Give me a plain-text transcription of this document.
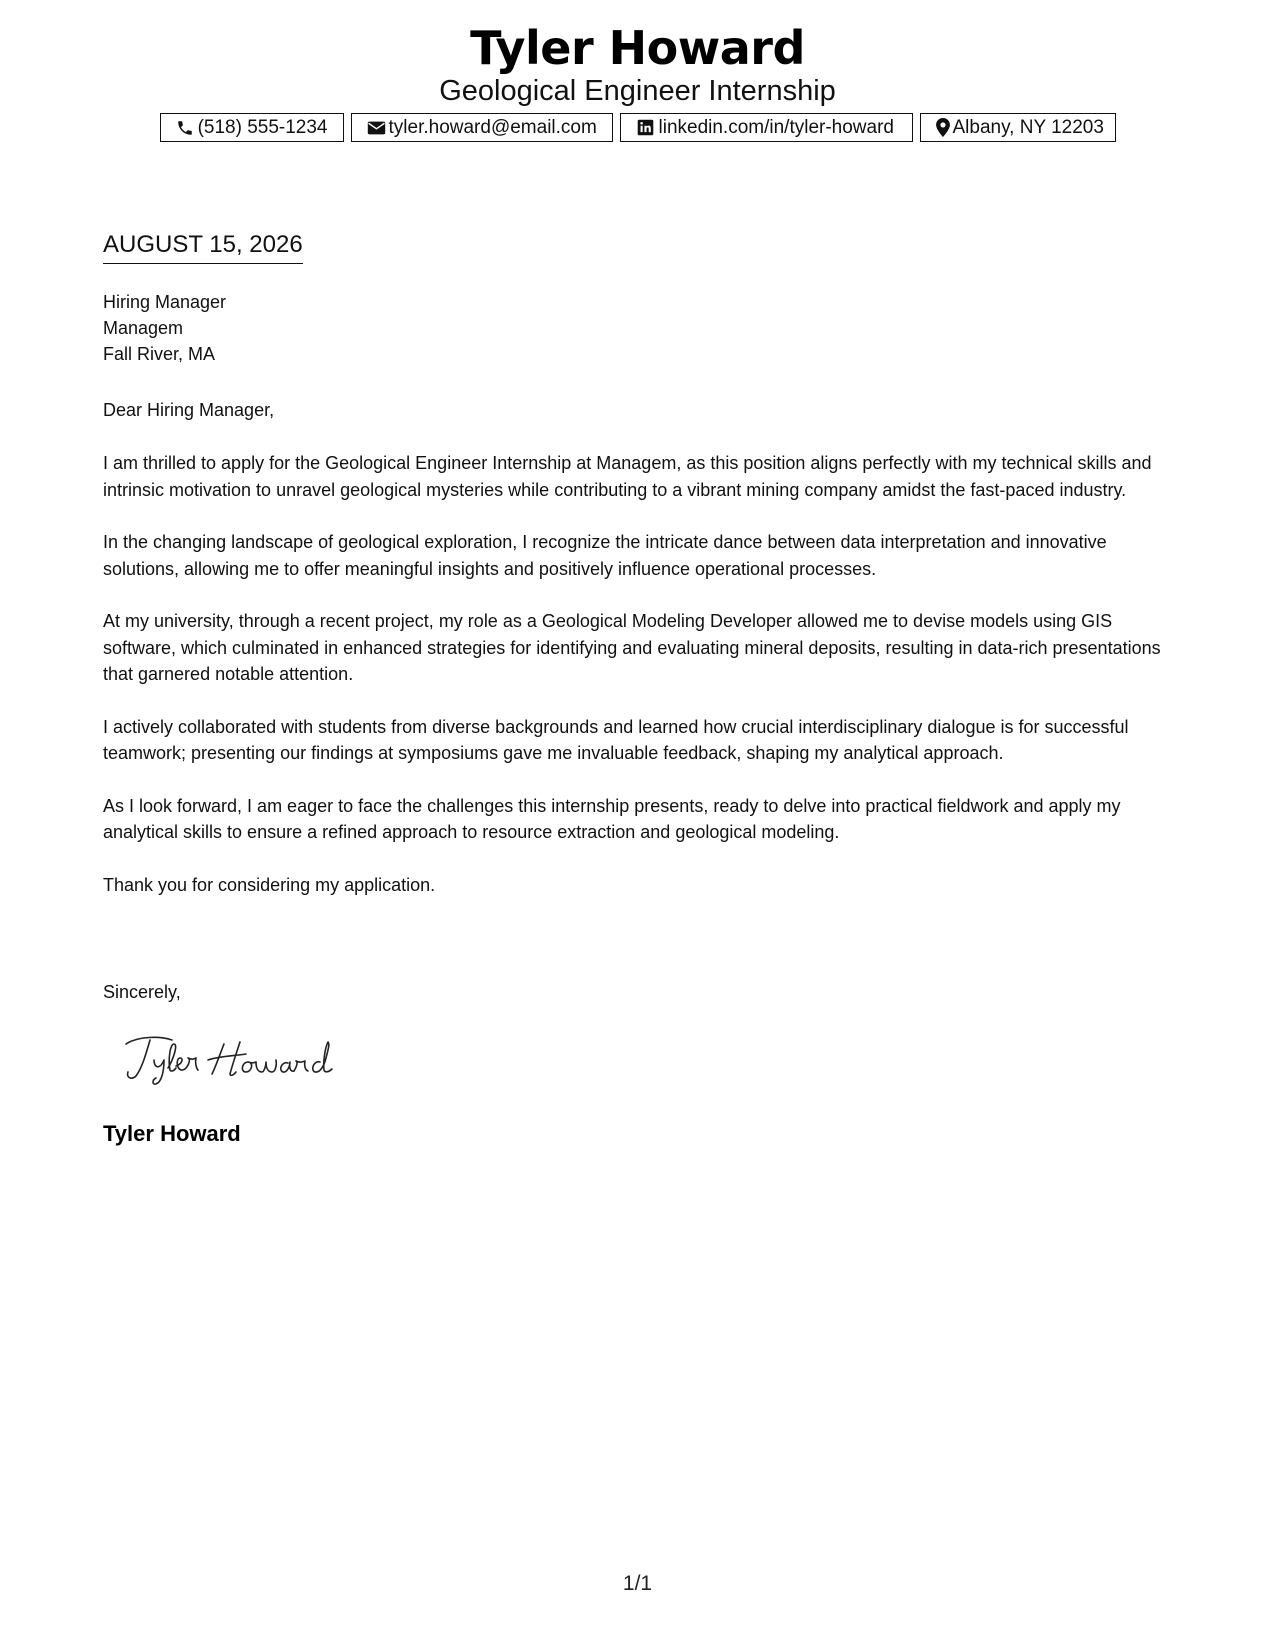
Tyler Howard
Geological Engineer Internship
(518) 555-1234	tyler.howard@email.com	linkedin.com/in/tyler-howard	Albany, NY 12203
AUGUST 15, 2026
Hiring Manager
Managem
Fall River, MA
Dear Hiring Manager,

I am thrilled to apply for the Geological Engineer Internship at Managem, as this position aligns perfectly with my technical skills and intrinsic motivation to unravel geological mysteries while contributing to a vibrant mining company amidst the fast-paced industry.

In the changing landscape of geological exploration, I recognize the intricate dance between data interpretation and innovative solutions, allowing me to offer meaningful insights and positively influence operational processes.

At my university, through a recent project, my role as a Geological Modeling Developer allowed me to devise models using GIS software, which culminated in enhanced strategies for identifying and evaluating mineral deposits, resulting in data-rich presentations that garnered notable attention.

I actively collaborated with students from diverse backgrounds and learned how crucial interdisciplinary dialogue is for successful teamwork; presenting our findings at symposiums gave me invaluable feedback, shaping my analytical approach.

As I look forward, I am eager to face the challenges this internship presents, ready to delve into practical fieldwork and apply my analytical skills to ensure a refined approach to resource extraction and geological modeling.

Thank you for considering my application.

Sincerely,
Tyler Howard
1/1
